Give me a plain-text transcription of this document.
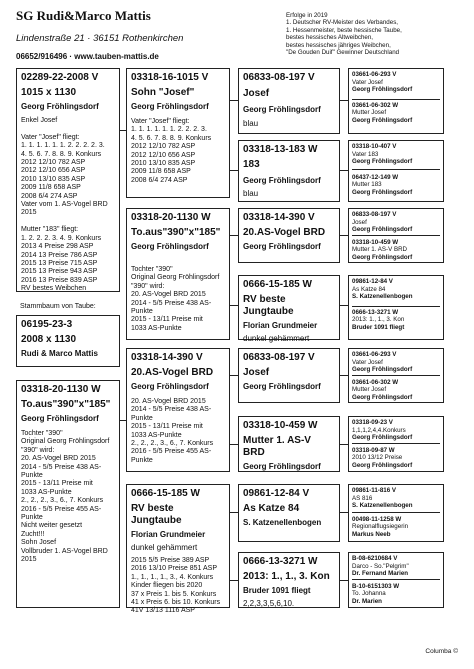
SG Rudi&Marco Mattis
Lindenstraße 21 · 36151 Rothenkirchen
06652/916496 · www.tauben-mattis.de
Erfolge in 2019
1. Deutscher RV-Meister des Verbandes,
1. Hessenmeister, beste hessische Taube,
bestes hessisches Altweibchen,
bestes hessisches jähriges Weibchen,
"De Gouden Duif" Gewinner Deutschland
02289-22-2008 V
1015 x 1130
Georg Fröhlingsdorf
Enkel Josef

Vater "Josef" fliegt:
1. 1. 1. 1. 1. 1. 2. 2. 2. 2. 3.
4. 5. 6. 7. 8. 8. 9. Konkurs
2012 12/10 782 ASP
2012 12/10 656 ASP
2010 13/10 835 ASP
2009 11/8 658 ASP
2008 6/4 274 ASP
Vater vom 1. AS-Vogel BRD
2015

Mutter "183" fliegt:
1. 2. 2. 2. 3. 4. 9. Konkurs
2013 4 Preise 298 ASP
2014 13 Preise 786 ASP
2015 13 Preise 715 ASP
2015 13 Preise 943 ASP
2016 13 Preise 839 ASP
RV bestes Weibchen
Stammbaum von Taube:
06195-23-3
2008 x 1130
Rudi & Marco Mattis
03318-20-1130 W
To.aus"390"x"185"
Georg Fröhlingsdorf
Tochter "390"
Original Georg Fröhlingsdorf
"390" wird:
20. AS-Vogel BRD 2015
2014 - 5/5 Preise 438 AS-
Punkte
2015 - 13/11 Preise mit
1033 AS-Punkte
2., 2., 2., 3., 6., 7. Konkurs
2016 - 5/5 Preise 455 AS-
Punkte
Nicht weiter gesetzt
Zucht!!!
Sohn Josef
Vollbruder 1. AS-Vogel BRD
2015
03318-16-1015 V
Sohn "Josef"
Georg Fröhlingsdorf
Vater "Josef" fliegt:
1. 1. 1. 1. 1. 1. 2. 2. 2. 3.
4. 5. 6. 7. 8. 8. 9. Konkurs
2012 12/10 782 ASP
2012 12/10 656 ASP
2010 13/10 835 ASP
2009 11/8 658 ASP
2008 6/4 274 ASP
03318-20-1130 W
To.aus"390"x"185"
Georg Fröhlingsdorf
Tochter "390"
Original Georg Fröhlingsdorf
"390" wird:
20. AS-Vogel BRD 2015
2014 - 5/5 Preise 438 AS-
Punkte
2015 - 13/11 Preise mit
1033 AS-Punkte
03318-14-390 V
20.AS-Vogel BRD
Georg Fröhlingsdorf
20. AS-Vogel BRD 2015
2014 - 5/5 Preise 438 AS-
Punkte
2015 - 13/11 Preise mit
1033 AS-Punkte
2., 2., 2., 3., 6., 7. Konkurs
2016 - 5/5 Preise 455 AS-
Punkte
0666-15-185 W
RV beste Jungtaube
Florian Grundmeier
dunkel gehämmert
2015 5/5 Preise 389 ASP
2016 13/10 Preise 851 ASP
1., 1., 1., 1., 3., 4. Konkurs
Kinder fliegen bis 2020
37 x Preis 1. bis 5. Konkurs
41 x Preis 6. bis 10. Konkurs
41V 13/13 1116 ASP
06833-08-197 V
Josef
Georg Fröhlingsdorf
blau
03318-13-183 W
183
Georg Fröhlingsdorf
blau
03318-14-390 V
20.AS-Vogel BRD
Georg Fröhlingsdorf
0666-15-185 W
RV beste Jungtaube
Florian Grundmeier
dunkel gehämmert
06833-08-197 V
Josef
Georg Fröhlingsdorf
03318-10-459 W
Mutter 1. AS-V BRD
Georg Fröhlingsdorf
09861-12-84 V
As Katze 84
S. Katzenellenbogen
0666-13-3271 W
2013: 1., 1., 3. Kon
Bruder 1091 fliegt
2,2,3,3,5,6,10.
03661-06-293 V
Vater Josef
Georg Fröhlingsdorf
03661-06-302 W
Mutter Josef
Georg Fröhlingsdorf
03318-10-407 V
Vater 183
Georg Fröhlingsdorf
06437-12-149 W
Mutter 183
Georg Fröhlingsdorf
06833-08-197 V
Josef
Georg Fröhlingsdorf
03318-10-459 W
Mutter 1. AS-V BRD
Georg Fröhlingsdorf
09861-12-84 V
As Katze 84
S. Katzenellenbogen
0666-13-3271 W
2013: 1., 1., 3. Kon
Bruder 1091 fliegt
03661-06-293 V
Vater Josef
Georg Fröhlingsdorf
03661-06-302 W
Mutter Josef
Georg Fröhlingsdorf
03318-09-23 V
1,1,1,2,4,4.Konkurs
Georg Fröhlingsdorf
03318-09-87 W
2010 13/12 Preise
Georg Fröhlingsdorf
09861-11-816 V
AS 816
S. Katzenellenbogen
00498-11-1258 W
Regionalflugsiegerin
Markus Neeb
B-08-6210684 V
Darco - So."Pelgrim"
Dr. Fernand Marien
B-10-6151303 W
To. Johanna
Dr. Marien
Columba ©
